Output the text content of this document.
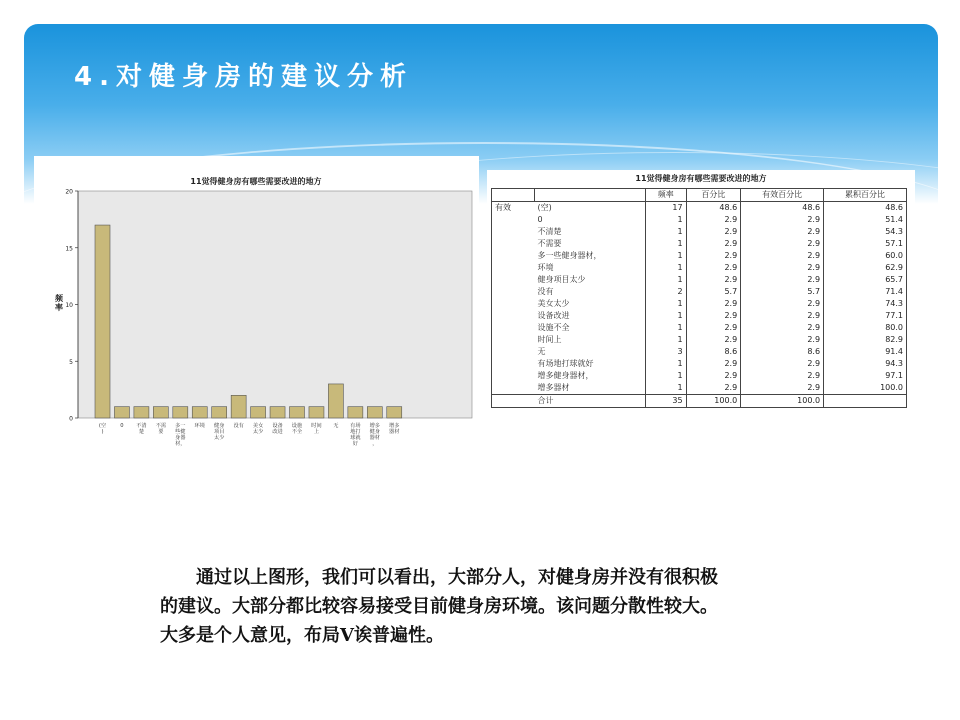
4.对健身房的建议分析
11觉得健身房有哪些需要改进的地方
0
5
10
15
20
频
率
(空)
0 不清楚
不需要
多一些健身器材，
环境 健身项目太少
没有 美女太少
设备改进
设施不全
时间上
无 有场地打球就好
增多健身器材，
增多器材
11觉得健身房有哪些需要改进的地方
		频率	百分比	有效百分比	累积百分比
有效	(空)	17	48.6	48.6	48.6
	0	1	2.9	2.9	51.4
	不清楚	1	2.9	2.9	54.3
	不需要	1	2.9	2.9	57.1
	多一些健身器材，	1	2.9	2.9	60.0
	环境	1	2.9	2.9	62.9
	健身项目太少	1	2.9	2.9	65.7
	没有	2	5.7	5.7	71.4
	美女太少	1	2.9	2.9	74.3
	设备改进	1	2.9	2.9	77.1
	设施不全	1	2.9	2.9	80.0
	时间上	1	2.9	2.9	82.9
	无	3	8.6	8.6	91.4
	有场地打球就好	1	2.9	2.9	94.3
	增多健身器材，	1	2.9	2.9	97.1
	增多器材	1	2.9	2.9	100.0
	合计	35	100.0	100.0	

　　通过以上图形，我们可以看出，大部分人，对健身房并没有很积极的建议。大部分都比较容易接受目前健身房环境。该问题分散性较大。大多是个人意见，布局V诶普遍性。
